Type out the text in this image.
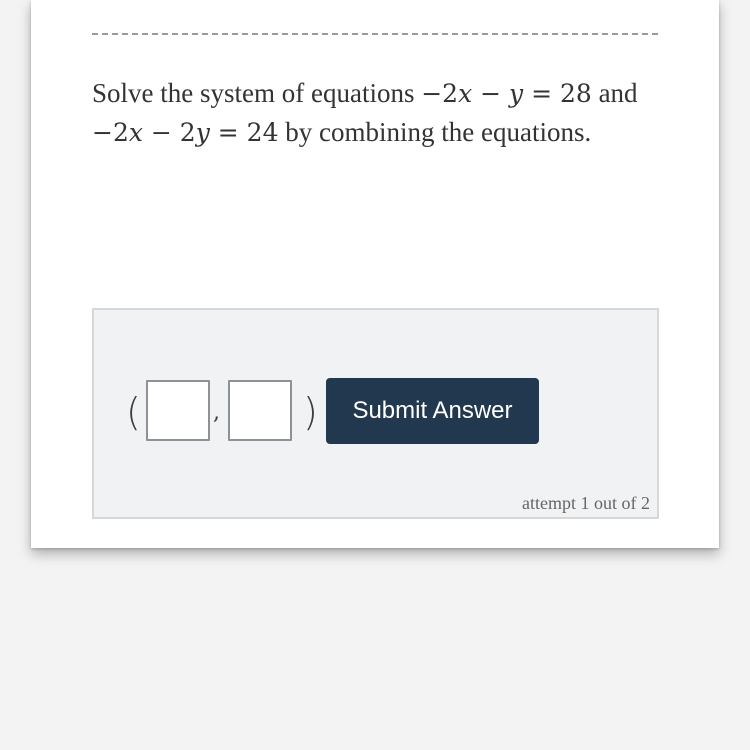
Solve the system of equations −2x − y = 28 and −2x − 2y = 24 by combining the equations.
(	, )	Submit Answer
attempt 1 out of 2
